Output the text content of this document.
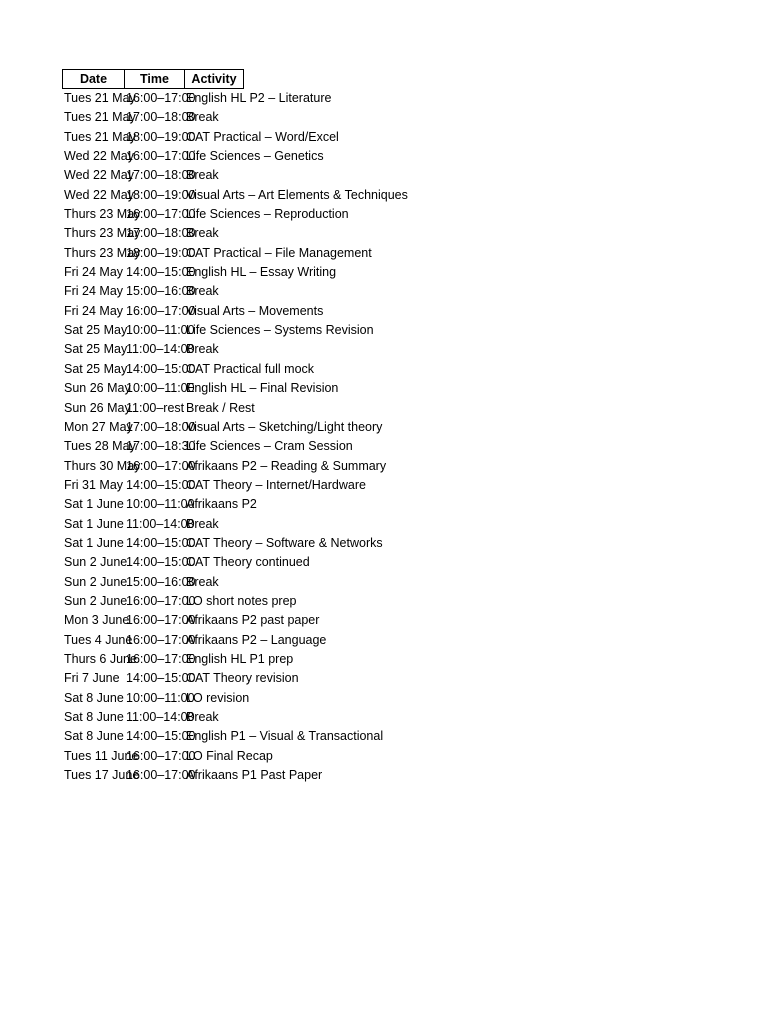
Date	Time	Activity
Tues 21 May
16:00–17:00
English HL P2 – Literature
Tues 21 May
17:00–18:00
Break
Tues 21 May
18:00–19:00
CAT Practical – Word/Excel
Wed 22 May
16:00–17:00
Life Sciences – Genetics
Wed 22 May
17:00–18:00
Break
Wed 22 May
18:00–19:00
Visual Arts – Art Elements & Techniques
Thurs 23 May
16:00–17:00
Life Sciences – Reproduction
Thurs 23 May
17:00–18:00
Break
Thurs 23 May
18:00–19:00
CAT Practical – File Management
Fri 24 May 14:00–15:00
English HL – Essay Writing
Fri 24 May 15:00–16:00
Break
Fri 24 May 16:00–17:00
Visual Arts – Movements
Sat 25 May
10:00–11:00
Life Sciences – Systems Revision
Sat 25 May
11:00–14:00
Break
Sat 25 May
14:00–15:00
CAT Practical full mock
Sun 26 May
10:00–11:00
English HL – Final Revision
Sun 26 May
11:00–rest Break / Rest
Mon 27 May
17:00–18:00
Visual Arts – Sketching/Light theory
Tues 28 May
17:00–18:30
Life Sciences – Cram Session
Thurs 30 May
16:00–17:00
Afrikaans P2 – Reading & Summary
Fri 31 May 14:00–15:00
CAT Theory – Internet/Hardware
Sat 1 June 10:00–11:00
Afrikaans P2
Sat 1 June 11:00–14:00
Break
Sat 1 June 14:00–15:00
CAT Theory – Software & Networks
Sun 2 June
14:00–15:00
CAT Theory continued
Sun 2 June
15:00–16:00
Break
Sun 2 June
16:00–17:00
LO short notes prep
Mon 3 June
16:00–17:00
Afrikaans P2 past paper
Tues 4 June
16:00–17:00
Afrikaans P2 – Language
Thurs 6 June
16:00–17:00
English HL P1 prep
Fri 7 June 14:00–15:00
CAT Theory revision
Sat 8 June 10:00–11:00
LO revision
Sat 8 June 11:00–14:00
Break
Sat 8 June 14:00–15:00
English P1 – Visual & Transactional
Tues 11 June
16:00–17:00
LO Final Recap
Tues 17 June
16:00–17:00
Afrikaans P1 Past Paper
